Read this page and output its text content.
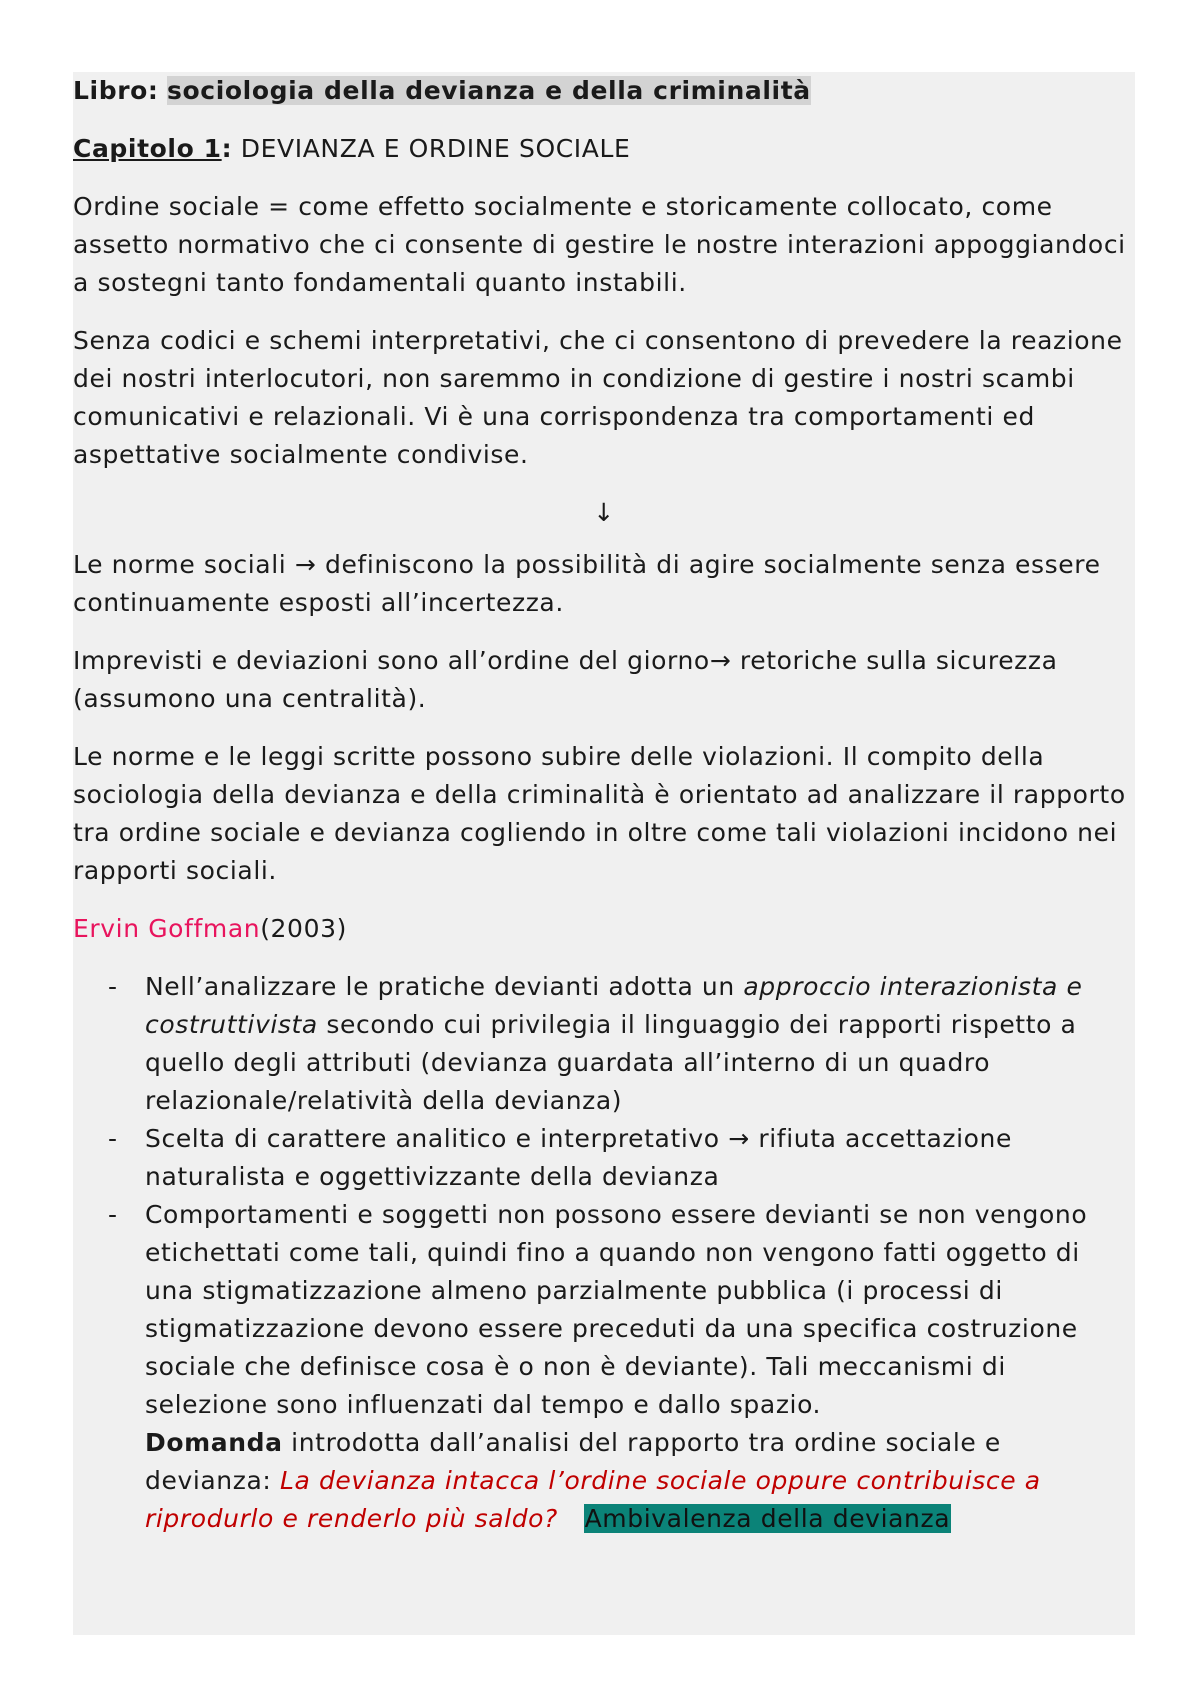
Libro: sociologia della devianza e della criminalità

Capitolo 1: DEVIANZA E ORDINE SOCIALE

Ordine sociale = come effetto socialmente e storicamente collocato, come assetto normativo che ci consente di gestire le nostre interazioni appoggiandoci a sostegni tanto fondamentali quanto instabili.

Senza codici e schemi interpretativi, che ci consentono di prevedere la reazione dei nostri interlocutori, non saremmo in condizione di gestire i nostri scambi comunicativi e relazionali. Vi è una corrispondenza tra comportamenti ed aspettative socialmente condivise.

↓

Le norme sociali → definiscono la possibilità di agire socialmente senza essere continuamente esposti all’incertezza.

Imprevisti e deviazioni sono all’ordine del giorno→ retoriche sulla sicurezza (assumono una centralità).

Le norme e le leggi scritte possono subire delle violazioni. Il compito della sociologia della devianza e della criminalità è orientato ad analizzare il rapporto tra ordine sociale e devianza cogliendo in oltre come tali violazioni incidono nei rapporti sociali.

Ervin Goffman(2003)

- Nell’analizzare le pratiche devianti adotta un approccio interazionista e costruttivista secondo cui privilegia il linguaggio dei rapporti rispetto a quello degli attributi (devianza guardata all’interno di un quadro relazionale/relatività della devianza)
- Scelta di carattere analitico e interpretativo → rifiuta accettazione naturalista e oggettivizzante della devianza
- Comportamenti e soggetti non possono essere devianti se non vengono etichettati come tali, quindi fino a quando non vengono fatti oggetto di una stigmatizzazione almeno parzialmente pubblica (i processi di stigmatizzazione devono essere preceduti da una specifica costruzione sociale che definisce cosa è o non è deviante). Tali meccanismi di selezione sono influenzati dal tempo e dallo spazio.

Domanda introdotta dall’analisi del rapporto tra ordine sociale e devianza: La devianza intacca l’ordine sociale oppure contribuisce a riprodurlo e renderlo più saldo? Ambivalenza della devianza
